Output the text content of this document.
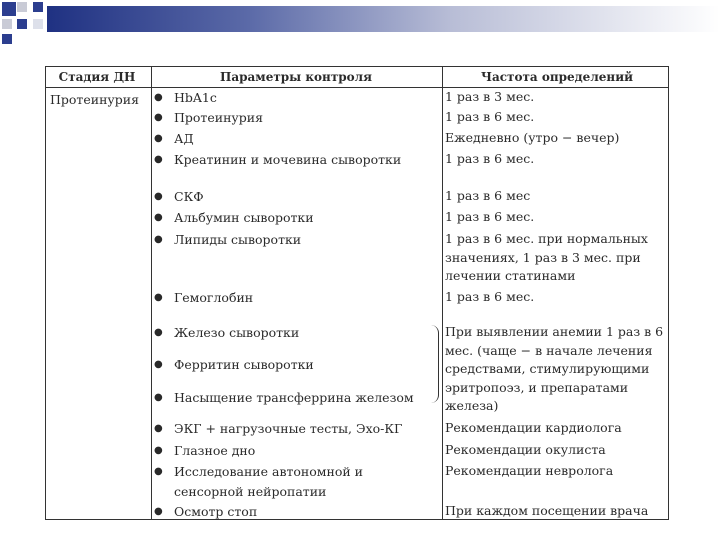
Стадия ДН	Параметры контроля	Частота определений
Протеинурия ● HbA1c
● Протеинурия
● АД
● Креатинин и мочевина сыворотки
● СКФ
● Альбумин сыворотки
● Липиды сыворотки
● Гемоглобин
● Железо сыворотки
● Ферритин сыворотки
● Насыщение трансферрина железом
● ЭКГ + нагрузочные тесты, Эхо-КГ
● Глазное дно
● Исследование автономной и сенсорной нейропатии
● Осмотр стоп
1 раз в 3 мес.
1 раз в 6 мес.
Ежедневно (утро − вечер)
1 раз в 6 мес.
1 раз в 6 мес
1 раз в 6 мес.
1 раз в 6 мес. при нормальных значениях, 1 раз в 3 мес. при лечении статинами
1 раз в 6 мес.
При выявлении анемии 1 раз в 6 мес. (чаще − в начале лечения средствами, стимулирующими эритропоэз, и препаратами железа)
Рекомендации кардиолога
Рекомендации окулиста
Рекомендации невролога
При каждом посещении врача
